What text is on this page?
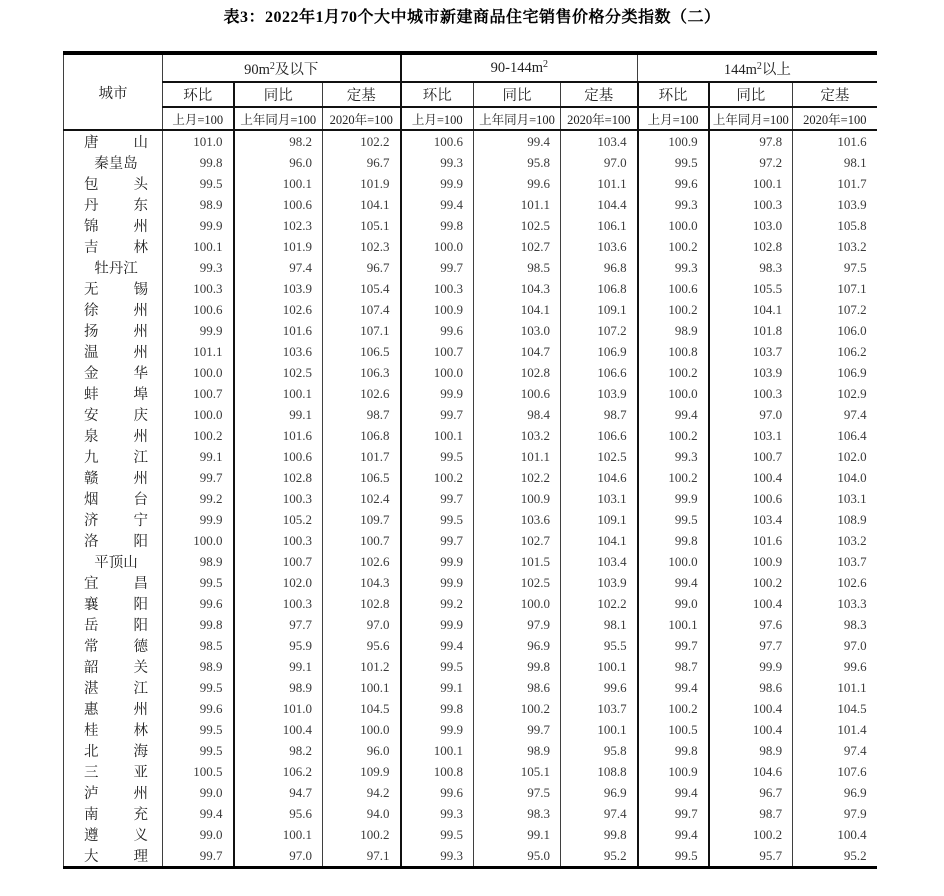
表3：2022年1月70个大中城市新建商品住宅销售价格分类指数（二）
城市	$90m^2$及以下			$90-144m^2$			$144m^2$以上		
	环比	同比	定基	环比	同比	定基	环比	同比	定基
	上月=100	上年同月=100	2020年=100	上月=100	上年同月=100	2020年=100	上月=100	上年同月=100	2020年=100

唐 山	101.0	98.2	102.2	100.6	99.4	103.4	100.9	97.8	101.6

秦 皇 岛	99.8	96.0	96.7	99.3	95.8	97.0	99.5	97.2	98.1

包 头	99.5	100.1	101.9	99.9	99.6	101.1	99.6	100.1	101.7

丹 东	98.9	100.6	104.1	99.4	101.1	104.4	99.3	100.3	103.9

锦 州	99.9	102.3	105.1	99.8	102.5	106.1	100.0	103.0	105.8

吉 林	100.1	101.9	102.3	100.0	102.7	103.6	100.2	102.8	103.2

牡 丹 江	99.3	97.4	96.7	99.7	98.5	96.8	99.3	98.3	97.5

无 锡	100.3	103.9	105.4	100.3	104.3	106.8	100.6	105.5	107.1

徐 州	100.6	102.6	107.4	100.9	104.1	109.1	100.2	104.1	107.2

扬 州	99.9	101.6	107.1	99.6	103.0	107.2	98.9	101.8	106.0

温 州	101.1	103.6	106.5	100.7	104.7	106.9	100.8	103.7	106.2

金 华	100.0	102.5	106.3	100.0	102.8	106.6	100.2	103.9	106.9

蚌 埠	100.7	100.1	102.6	99.9	100.6	103.9	100.0	100.3	102.9

安 庆	100.0	99.1	98.7	99.7	98.4	98.7	99.4	97.0	97.4

泉 州	100.2	101.6	106.8	100.1	103.2	106.6	100.2	103.1	106.4

九 江	99.1	100.6	101.7	99.5	101.1	102.5	99.3	100.7	102.0

赣 州	99.7	102.8	106.5	100.2	102.2	104.6	100.2	100.4	104.0

烟 台	99.2	100.3	102.4	99.7	100.9	103.1	99.9	100.6	103.1

济 宁	99.9	105.2	109.7	99.5	103.6	109.1	99.5	103.4	108.9

洛 阳	100.0	100.3	100.7	99.7	102.7	104.1	99.8	101.6	103.2

平 顶 山	98.9	100.7	102.6	99.9	101.5	103.4	100.0	100.9	103.7

宜 昌	99.5	102.0	104.3	99.9	102.5	103.9	99.4	100.2	102.6

襄 阳	99.6	100.3	102.8	99.2	100.0	102.2	99.0	100.4	103.3

岳 阳	99.8	97.7	97.0	99.9	97.9	98.1	100.1	97.6	98.3

常 德	98.5	95.9	95.6	99.4	96.9	95.5	99.7	97.7	97.0

韶 关	98.9	99.1	101.2	99.5	99.8	100.1	98.7	99.9	99.6

湛 江	99.5	98.9	100.1	99.1	98.6	99.6	99.4	98.6	101.1

惠 州	99.6	101.0	104.5	99.8	100.2	103.7	100.2	100.4	104.5

桂 林	99.5	100.4	100.0	99.9	99.7	100.1	100.5	100.4	101.4

北 海	99.5	98.2	96.0	100.1	98.9	95.8	99.8	98.9	97.4

三 亚	100.5	106.2	109.9	100.8	105.1	108.8	100.9	104.6	107.6

泸 州	99.0	94.7	94.2	99.6	97.5	96.9	99.4	96.7	96.9

南 充	99.4	95.6	94.0	99.3	98.3	97.4	99.7	98.7	97.9

遵 义	99.0	100.1	100.2	99.5	99.1	99.8	99.4	100.2	100.4

大 理	99.7	97.0	97.1	99.3	95.0	95.2	99.5	95.7	95.2
